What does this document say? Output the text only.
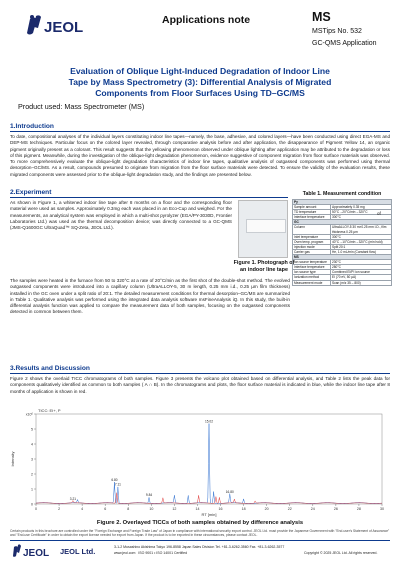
JEOL	Applications note	MS
MSTips No. 532
GC-QMS Application
Evaluation of Oblique Light-Induced Degradation of Indoor Line
Tape by Mass Spectrometry (3): Differential Analysis of Migrated
Components from Floor Surfaces Using TD–GC/MS
Product used: Mass Spectrometer (MS)
1.Introduction
To date, compositional analyses of the individual layers constituting indoor line tapes—namely, the base, adhesive, and colored layers—have been conducted using direct EGA-MS and DEP-MS techniques. Particular focus on the colored layer revealed, through comparative analysis before and after application, the disappearance of Pigment Yellow 14, an organic pigment originally present as a colorant. This result suggests that the yellowing phenomenon observed under oblique lighting after application may be attributed to the degradation or loss of this pigment. Meanwhile, during the investigation of the oblique-light degradation phenomenon, evidence suggestive of component migration from floor surface materials was observed. To more comprehensively evaluate the oblique-light degradation characteristics of indoor line tapes, qualitative analysis of outgassed components was performed using thermal desorption–GC/MS. As a result, compounds presumed to originate from migration from the floor surface materials were detected. To ensure the validity of the evaluation results, these migrated components were assessed prior to the oblique-light degradation study, and the findings are presented below.
2.Experiment
As shown in Figure 1, a whitened indoor line tape after 8 months on a floor and the corresponding floor material were used as samples. Approximately 0.3mg each was placed in an Eco-Cup and weighed. For the measurements, an analytical system was employed in which a multi-shot pyrolyzer (EGA/PY-3030D, Frontier Laboratories Ltd.) was used as the thermal decomposition device; was directly connected to a GC-QMS (JMS-Q1600GC UltraQuad™ SQ-Zeta, JEOL Ltd.).
Figure 1. Photograph of an indoor line tape
Table 1. Measurement condition
Py	
Sample amount	Approximately 0.35 mg
TD temperature	50°C→20°C/min→320°C
Interface temperature	300°C
GC	
Column	UltraALLOY-5 30 m×0.25 mm I.D., film thickness 0.25 µm
Inlet temperature	300°C
Oven temp. program	40°C→10°C/min→320°C (min hold)
Injection mode	Split 20:1
Carrier gas	He, 1.0 mL/min (Constant flow)
MS	
Ion source temperature	230°C
Interface temperature	280°C
Ion source type	Combined EI/PI ion source
Ionization method	EI (70 eV, 50 µA)
Measurement mode	Scan (m/z 35 – 800)
of
The samples were heated in the furnace from 50 to 320°C at a rate of 20°C/min as the first shot of the double-shot method. The evolved outgassed components were introduced into a capillary column (UltraALLOY-5, 30 m length, 0.25 mm i.d., 0.25 µm film thickness) installed in the GC oven under a split ratio of 20:1. The detailed measurement conditions for thermal desorption–GC/MS are summarized in Table 1. Qualitative analysis was performed using the integrated data analysis software msFineAnalysis iQ. In this study, the built-in differential analysis function was applied to compare the measurement data of both samples, focusing on the outgassed components detected in common between them.
3.Results and Discussion
Figure 2 shows the overlaid TICC chromatograms of both samples. Figure 3 presents the volcano plot obtained based on differential analysis, and Table 2 lists the peak data for components qualitatively identified as common to both samples ( A ∩ B). In the chromatograms and plots, the floor surface material is indicated in blue, while the indoor line tape after 8 months of application is shown in red.
TICC: EI+, P
0
1
2
3
4
5
x10⁶
0	2	4	6	8	10	12	14	16	18	20	22	24	26	28	30
RT [min]
Intensity
3.21
6.80
7.11
9.84
15.02
16.80
Figure 2. Overlayed TICCs of both samples obtained by difference analysis
Certain products in this brochure are controlled under the "Foreign Exchange and Foreign Trade Law" of Japan in compliance with international security export control. JEOL Ltd. must provide the Japanese Government with "End-user's Statement of Assurance" and "End-use Certificate" in order to obtain the export license needed for export from Japan. If the product is to be exported in these circumstances, please contact JEOL.
JEOL JEOL Ltd.	3-1-2 Musashino Akishima Tokyo 196-8558 Japan Sales Division Tel. +81-3-6262-3560 Fax. +81-3-6262-3577
www.jeol.com ISO 9001 • ISO 14001 Certified	Copyright © 2025 JEOL Ltd. All rights reserved.
